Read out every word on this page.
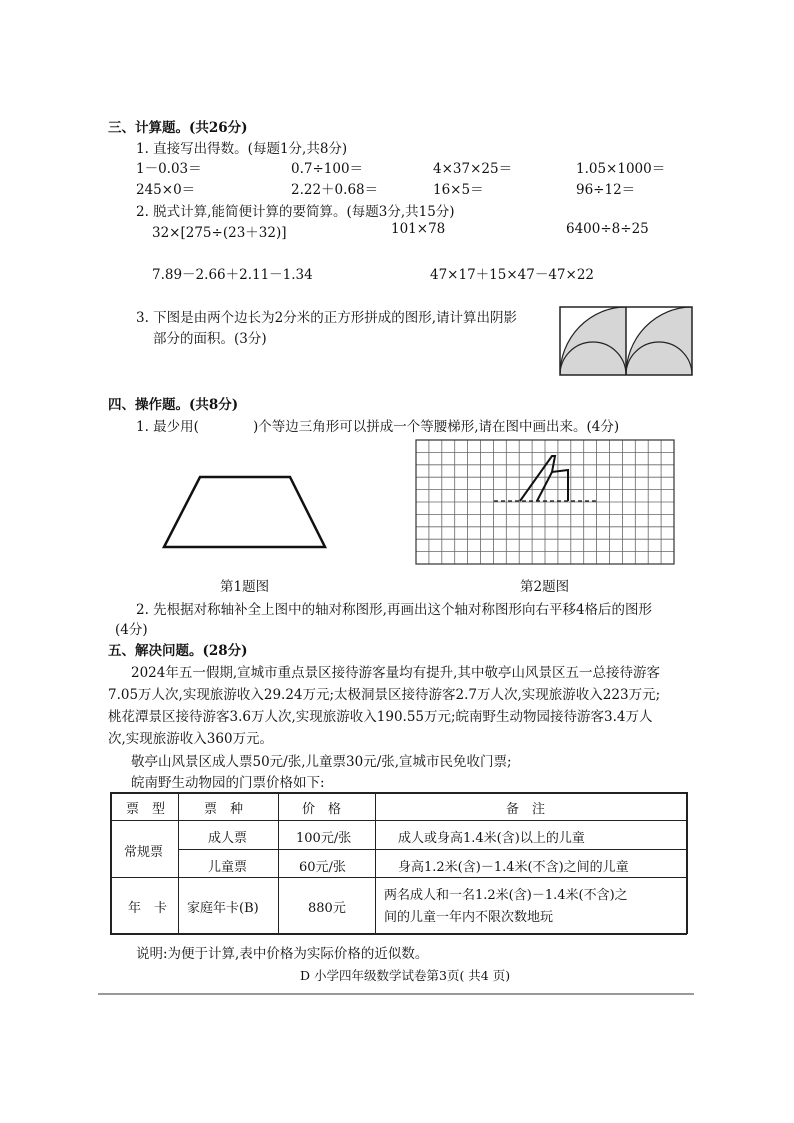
三、计算题。(共26分)
1. 直接写出得数。(每题1分,共8分)
1－0.03＝	0.7÷100＝	4×37×25＝	1.05×1000＝
245×0＝	2.22＋0.68＝	16×5＝	96÷12＝
2. 脱式计算,能简便计算的要简算。(每题3分,共15分)
32×[275÷(23＋32)]	101×78	6400÷8÷25
7.89－2.66＋2.11－1.34	47×17＋15×47－47×22
3. 下图是由两个边长为2分米的正方形拼成的图形,请计算出阴影
部分的面积。(3分)
四、操作题。(共8分)
1. 最少用(　　　　)个等边三角形可以拼成一个等腰梯形,请在图中画出来。(4分)
第1题图	第2题图
2. 先根据对称轴补全上图中的轴对称图形,再画出这个轴对称图形向右平移4格后的图形
(4分)
五、解决问题。(28分)
2024年五一假期,宣城市重点景区接待游客量均有提升,其中敬亭山风景区五一总接待游客
7.05万人次,实现旅游收入29.24万元;太极洞景区接待游客2.7万人次,实现旅游收入223万元;
桃花潭景区接待游客3.6万人次,实现旅游收入190.55万元;皖南野生动物园接待游客3.4万人
次,实现旅游收入360万元。
敬亭山风景区成人票50元/张,儿童票30元/张,宣城市民免收门票;
皖南野生动物园的门票价格如下:
票　型	票　种	价　格	备　注
常规票
成人票	100元/张	成人或身高1.4米(含)以上的儿童
儿童票	60元/张	身高1.2米(含)－1.4米(不含)之间的儿童
年　卡 家庭年卡(B)	880元
两名成人和一名1.2米(含)－1.4米(不含)之
间的儿童一年内不限次数地玩
说明:为便于计算,表中价格为实际价格的近似数。
D 小学四年级数学试卷第3页( 共4 页)
